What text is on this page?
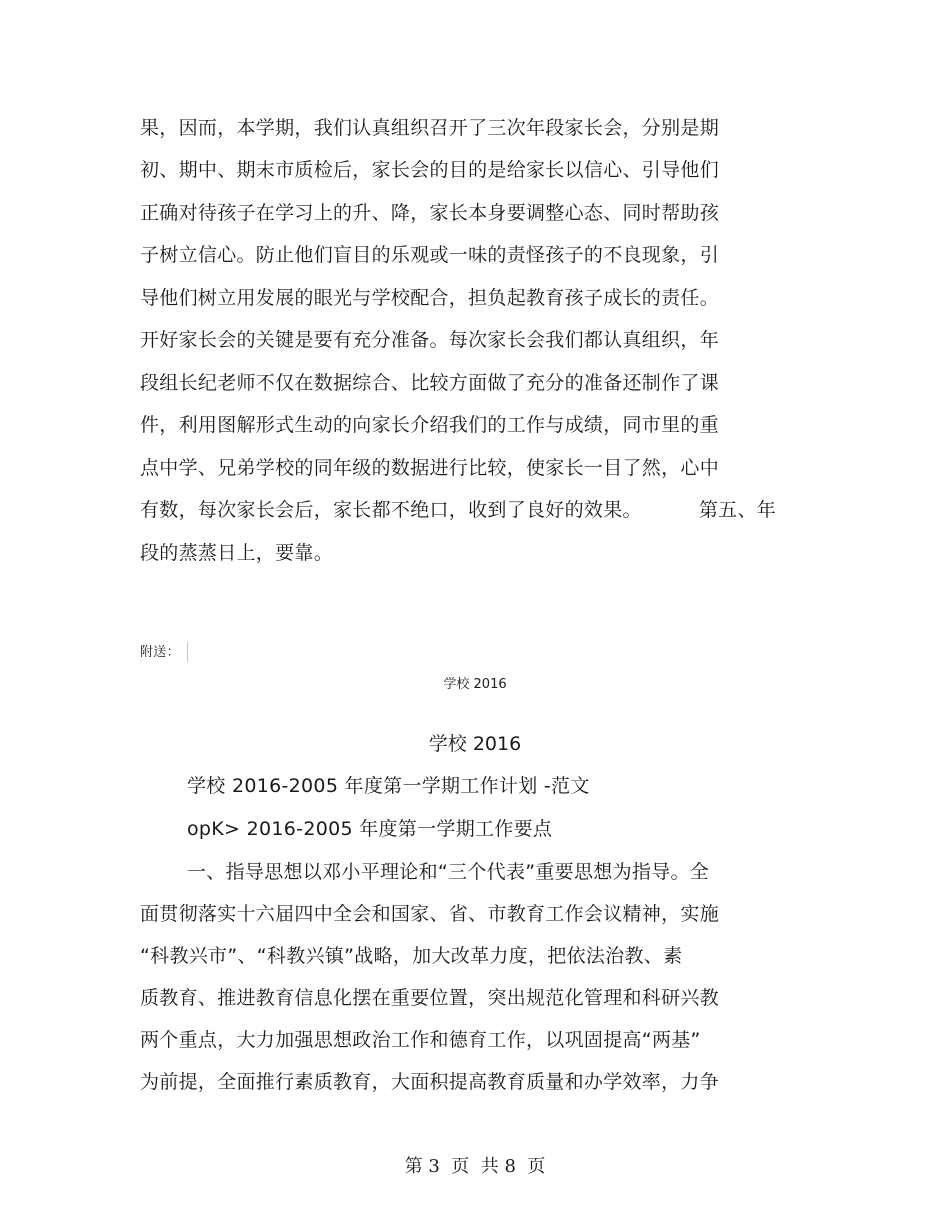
果，因而，本学期，我们认真组织召开了三次年段家长会，分别是期
初、期中、期末市质检后，家长会的目的是给家长以信心、引导他们
正确对待孩子在学习上的升、降，家长本身要调整心态、同时帮助孩
子树立信心。防止他们盲目的乐观或一味的责怪孩子的不良现象，引
导他们树立用发展的眼光与学校配合，担负起教育孩子成长的责任。
开好家长会的关键是要有充分准备。每次家长会我们都认真组织，年
段组长纪老师不仅在数据综合、比较方面做了充分的准备还制作了课
件，利用图解形式生动的向家长介绍我们的工作与成绩，同市里的重
点中学、兄弟学校的同年级的数据进行比较，使家长一目了然，心中
有数，每次家长会后，家长都不绝口，收到了良好的效果。         第五、年
段的蒸蒸日上，要靠。
附送：
学校 2016
学校 2016
学校 2016-2005 年度第一学期工作计划 -范文
opK> 2016-2005 年度第一学期工作要点
一、指导思想以邓小平理论和“三个代表”重要思想为指导。全
面贯彻落实十六届四中全会和国家、省、市教育工作会议精神，实施
“科教兴市”、“科教兴镇”战略，加大改革力度，把依法治教、素
质教育、推进教育信息化摆在重要位置，突出规范化管理和科研兴教
两个重点，大力加强思想政治工作和德育工作，以巩固提高“两基”
为前提，全面推行素质教育，大面积提高教育质量和办学效率，力争
第 3  页  共 8  页
